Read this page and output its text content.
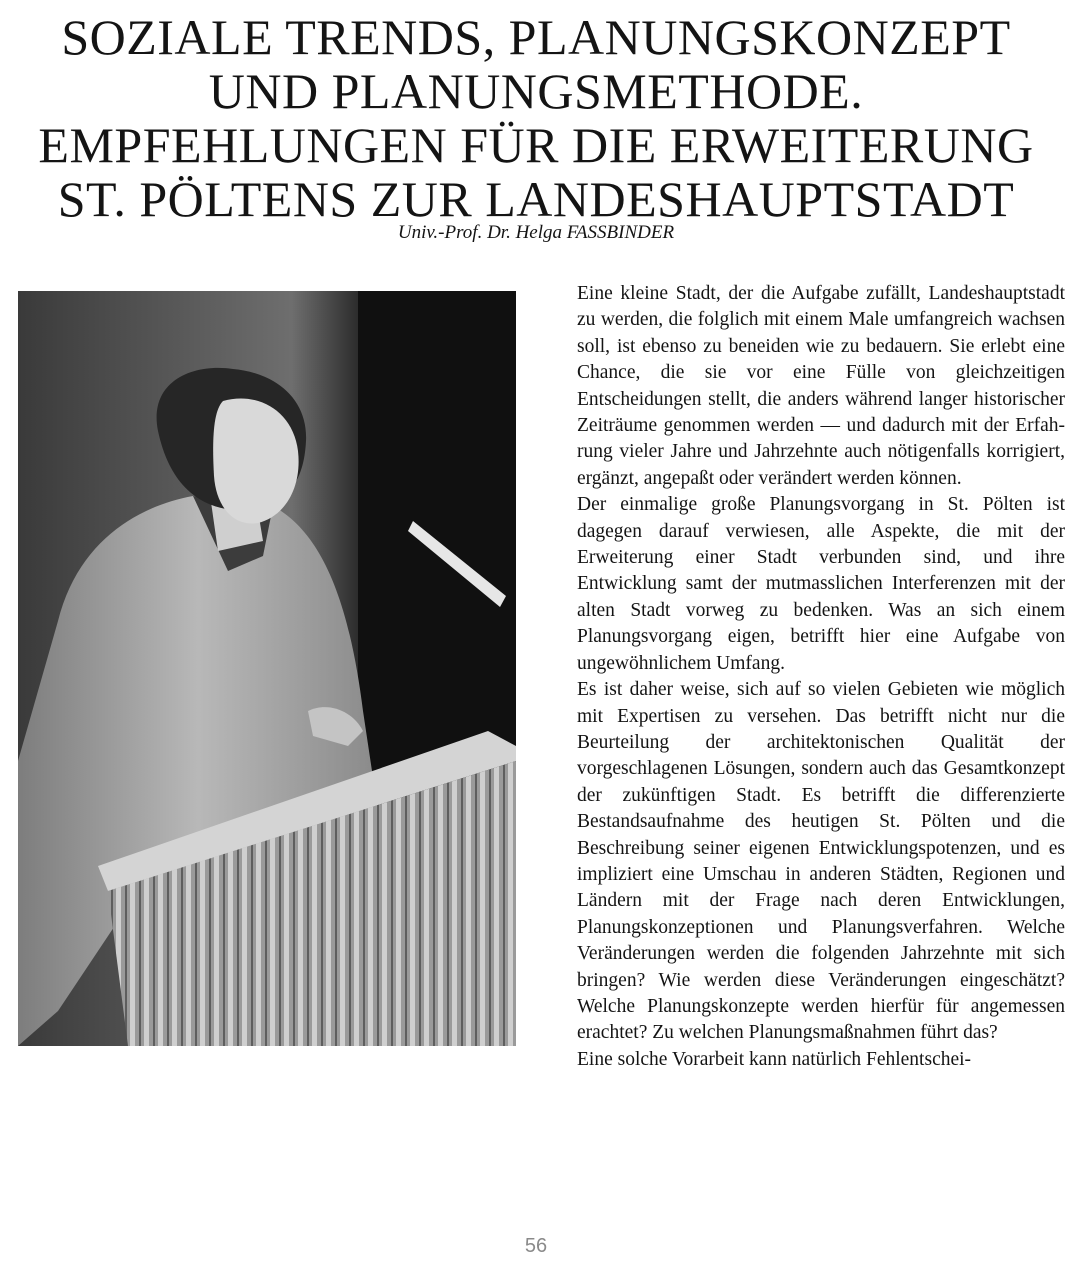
SOZIALE TRENDS, PLANUNGSKONZEPT
UND PLANUNGSMETHODE.
EMPFEHLUNGEN FÜR DIE ERWEITERUNG
ST. PÖLTENS ZUR LANDESHAUPTSTADT
Univ.-Prof. Dr. Helga FASSBINDER

Eine kleine Stadt, der die Aufgabe zufällt, Landeshauptstadt zu werden, die folglich mit einem Male umfangreich wachsen soll, ist ebenso zu beneiden wie zu bedauern. Sie erlebt eine Chance, die sie vor eine Fülle von gleichzeitigen Entscheidungen stellt, die anders während langer historischer Zeiträume genommen werden — und dadurch mit der Erfahrung vieler Jahre und Jahrzehnte auch nötigenfalls korrigiert, ergänzt, angepaßt oder verändert werden können.

Der einmalige große Planungsvorgang in St. Pölten ist dagegen darauf verwiesen, alle Aspekte, die mit der Erweiterung einer Stadt verbunden sind, und ihre Entwicklung samt der mutmasslichen Interferenzen mit der alten Stadt vorweg zu bedenken. Was an sich einem Planungsvorgang eigen, betrifft hier eine Aufgabe von ungewöhnlichem Umfang.

Es ist daher weise, sich auf so vielen Gebieten wie möglich mit Expertisen zu versehen. Das betrifft nicht nur die Beurteilung der architektonischen Qualität der vorgeschlagenen Lösungen, sondern auch das Gesamtkonzept der zukünftigen Stadt. Es betrifft die differenzierte Bestandsaufnahme des heutigen St. Pölten und die Beschreibung seiner eigenen Entwicklungspotenzen, und es impliziert eine Umschau in anderen Städten, Regionen und Ländern mit der Frage nach deren Entwicklungen, Planungskonzeptionen und Planungsverfahren. Welche Veränderungen werden die folgenden Jahrzehnte mit sich bringen? Wie werden diese Veränderungen eingeschätzt? Welche Planungskonzepte werden hierfür für angemessen erachtet? Zu welchen Planungsmaßnahmen führt das?

Eine solche Vorarbeit kann natürlich Fehlentschei-

56
